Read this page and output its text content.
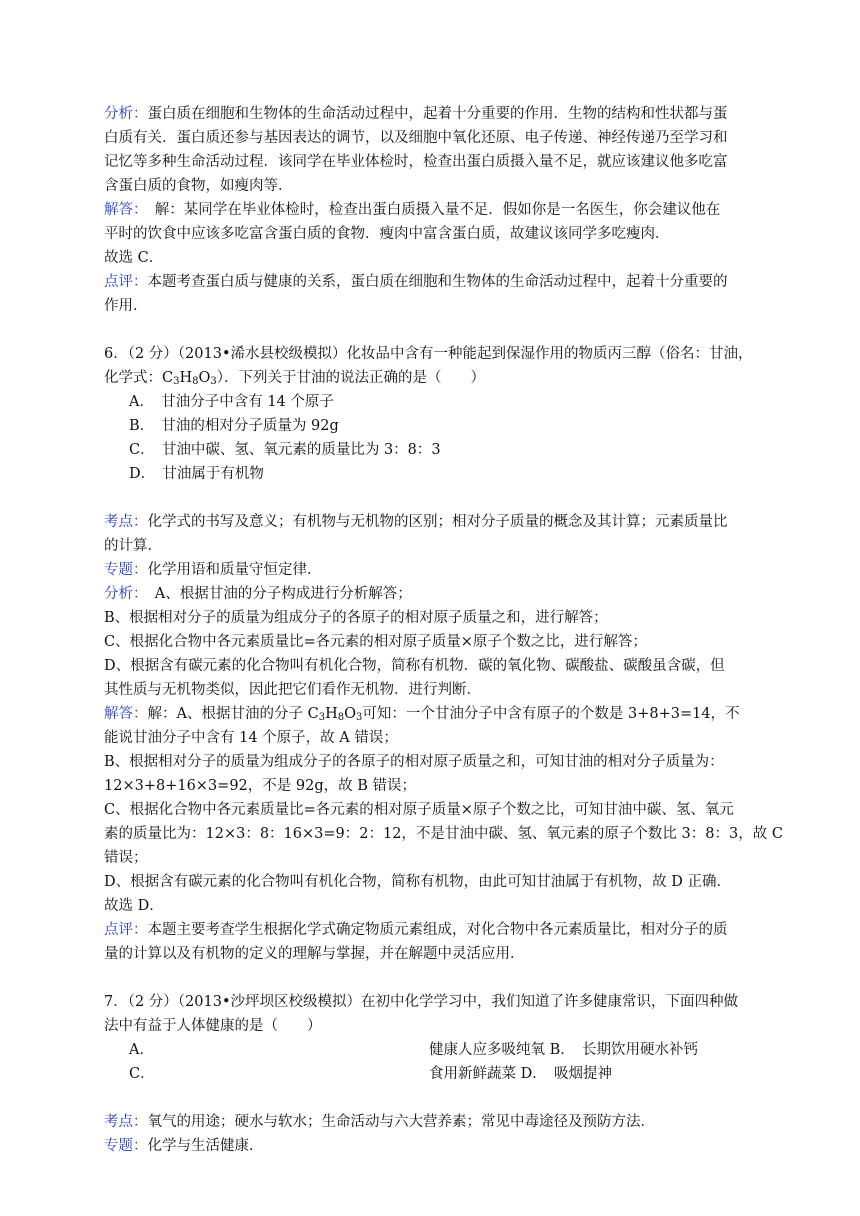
分析：蛋白质在细胞和生物体的生命活动过程中，起着十分重要的作用．生物的结构和性状都与蛋
白质有关．蛋白质还参与基因表达的调节，以及细胞中氧化还原、电子传递、神经传递乃至学习和
记忆等多种生命活动过程．该同学在毕业体检时，检查出蛋白质摄入量不足，就应该建议他多吃富
含蛋白质的食物，如瘦肉等．
解答：　解：某同学在毕业体检时，检查出蛋白质摄入量不足．假如你是一名医生，你会建议他在
平时的饮食中应该多吃富含蛋白质的食物．瘦肉中富含蛋白质，故建议该同学多吃瘦肉．
故选 C．
点评：本题考查蛋白质与健康的关系，蛋白质在细胞和生物体的生命活动过程中，起着十分重要的
作用．
6．（2 分）（2013•浠水县校级模拟）化妆品中含有一种能起到保湿作用的物质丙三醇（俗名：甘油，
化学式：$C_3H_8O_3$）．下列关于甘油的说法正确的是（　　）
A．　甘油分子中含有 14 个原子
B．　甘油的相对分子质量为 92g
C．　甘油中碳、氢、氧元素的质量比为 3：8：3
D．　甘油属于有机物
考点：化学式的书写及意义；有机物与无机物的区别；相对分子质量的概念及其计算；元素质量比
的计算．
专题：化学用语和质量守恒定律．
分析：　A、根据甘油的分子构成进行分析解答；
B、根据相对分子的质量为组成分子的各原子的相对原子质量之和，进行解答；
C、根据化合物中各元素质量比=各元素的相对原子质量×原子个数之比，进行解答；
D、根据含有碳元素的化合物叫有机化合物，简称有机物．碳的氧化物、碳酸盐、碳酸虽含碳，但
其性质与无机物类似，因此把它们看作无机物．进行判断．
解答：解：A、根据甘油的分子 $C_3H_8O_3$可知：一个甘油分子中含有原子的个数是 3+8+3=14，不
能说甘油分子中含有 14 个原子，故 A 错误；
B、根据相对分子的质量为组成分子的各原子的相对原子质量之和，可知甘油的相对分子质量为：
12×3+8+16×3=92，不是 92g，故 B 错误；
C、根据化合物中各元素质量比=各元素的相对原子质量×原子个数之比，可知甘油中碳、氢、氧元
素的质量比为：12×3：8：16×3=9：2：12，不是甘油中碳、氢、氧元素的原子个数比 3：8：3，故 C
错误；
D、根据含有碳元素的化合物叫有机化合物，简称有机物，由此可知甘油属于有机物，故 D 正确．
故选 D．
点评：本题主要考查学生根据化学式确定物质元素组成，对化合物中各元素质量比，相对分子的质
量的计算以及有机物的定义的理解与掌握，并在解题中灵活应用．
7．（2 分）（2013•沙坪坝区校级模拟）在初中化学学习中，我们知道了许多健康常识，下面四种做
法中有益于人体健康的是（　　）
A．	健康人应多吸纯氧 B．　长期饮用硬水补钙
C．	食用新鲜蔬菜 D．　吸烟提神
考点：氧气的用途；硬水与软水；生命活动与六大营养素；常见中毒途径及预防方法．
专题：化学与生活健康．
